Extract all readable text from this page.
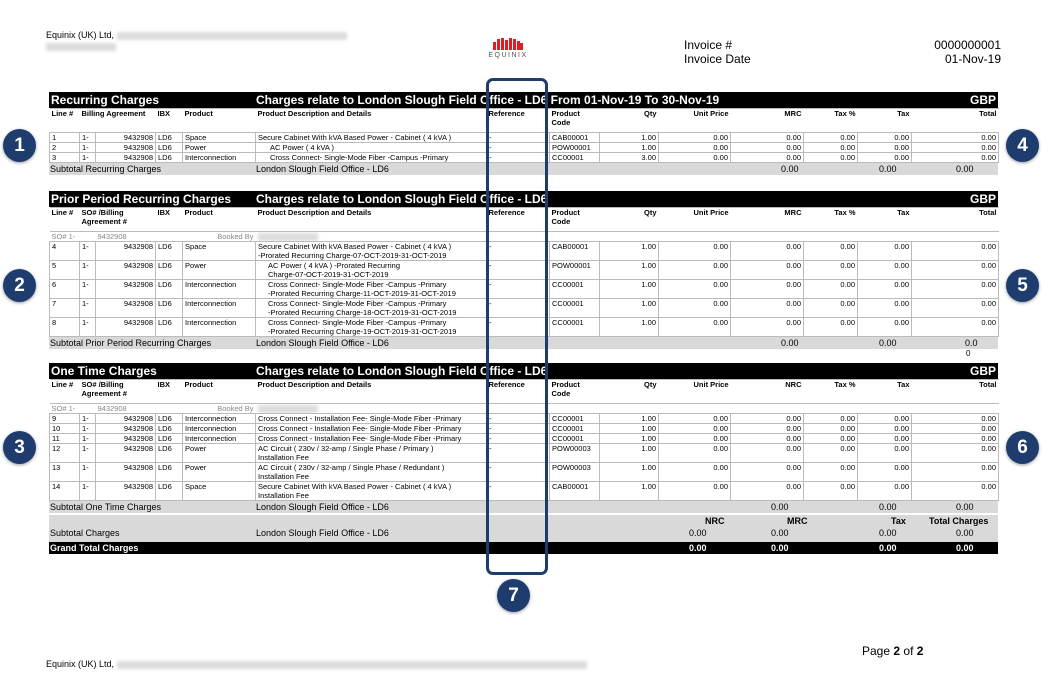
Equinix (UK) Ltd,

EQUINIX
Invoice #
Invoice Date
0000000001
01-Nov-19
Recurring Charges	Charges relate to London Slough Field Office - LD6 From 01-Nov-19 To 30-Nov-19	GBP
Line #	Billing Agreement		IBX	Product	Product Description and Details	Reference	Product Code	Qty	Unit Price	MRC	Tax %	Tax	Total
1	1-	9432908	LD6	Space	Secure Cabinet With kVA Based Power - Cabinet ( 4 kVA )	-	CAB00001	1.00	0.00	0.00	0.00	0.00	0.00
2	1-	9432908	LD6	Power	AC Power ( 4 kVA )	-	POW00001	1.00	0.00	0.00	0.00	0.00	0.00
3	1-	9432908	LD6	Interconnection	Cross Connect- Single-Mode Fiber -Campus -Primary	-	CC00001	3.00	0.00	0.00	0.00	0.00	0.00
Subtotal Recurring Charges	London Slough Field Office - LD6	0.00	0.00	0.00
Prior Period Recurring Charges Charges relate to London Slough Field Office - LD6	GBP
Line #	SO# /Billing Agreement #		IBX	Product	Product Description and Details	Reference	Product Code	Qty	Unit Price	MRC	Tax %	Tax	Total
SO# 1-		9432908	Booked By										
4	1-	9432908	LD6	Space	Secure Cabinet With kVA Based Power - Cabinet ( 4 kVA )
-Prorated Recurring Charge-07-OCT-2019-31-OCT-2019	-	CAB00001	1.00	0.00	0.00	0.00	0.00	0.00
5	1-	9432908	LD6	Power	AC Power ( 4 kVA ) -Prorated Recurring
Charge-07-OCT-2019-31-OCT-2019	-	POW00001	1.00	0.00	0.00	0.00	0.00	0.00
6	1-	9432908	LD6	Interconnection	Cross Connect- Single-Mode Fiber -Campus -Primary
-Prorated Recurring Charge-11-OCT-2019-31-OCT-2019	-	CC00001	1.00	0.00	0.00	0.00	0.00	0.00
7	1-	9432908	LD6	Interconnection	Cross Connect- Single-Mode Fiber -Campus -Primary
-Prorated Recurring Charge-18-OCT-2019-31-OCT-2019	-	CC00001	1.00	0.00	0.00	0.00	0.00	0.00
8	1-	9432908	LD6	Interconnection	Cross Connect- Single-Mode Fiber -Campus -Primary
-Prorated Recurring Charge-19-OCT-2019-31-OCT-2019	-	CC00001	1.00	0.00	0.00	0.00	0.00	0.00
Subtotal Prior Period Recurring Charges	London Slough Field Office - LD6	0.00	0.00	0.0
0
One Time Charges	Charges relate to London Slough Field Office - LD6	GBP
Line #	SO# /Billing Agreement #		IBX	Product	Product Description and Details	Reference	Product Code	Qty	Unit Price	NRC	Tax %	Tax	Total
SO# 1-		9432908	Booked By										
9	1-	9432908	LD6	Interconnection	Cross Connect - Installation Fee- Single-Mode Fiber -Primary	-	CC00001	1.00	0.00	0.00	0.00	0.00	0.00
10	1-	9432908	LD6	Interconnection	Cross Connect - Installation Fee- Single-Mode Fiber -Primary	-	CC00001	1.00	0.00	0.00	0.00	0.00	0.00
11	1-	9432908	LD6	Interconnection	Cross Connect - Installation Fee- Single-Mode Fiber -Primary	-	CC00001	1.00	0.00	0.00	0.00	0.00	0.00
12	1-	9432908	LD6	Power	AC Circuit ( 230v / 32-amp / Single Phase / Primary )
Installation Fee	-	POW00003	1.00	0.00	0.00	0.00	0.00	0.00
13	1-	9432908	LD6	Power	AC Circuit ( 230v / 32-amp / Single Phase / Redundant )
Installation Fee	-	POW00003	1.00	0.00	0.00	0.00	0.00	0.00
14	1-	9432908	LD6	Space	Secure Cabinet With kVA Based Power - Cabinet ( 4 kVA )
Installation Fee	-	CAB00001	1.00	0.00	0.00	0.00	0.00	0.00
Subtotal One Time Charges	London Slough Field Office - LD6	0.00	0.00	0.00
Subtotal Charges	London Slough Field Office - LD6
NRC	MRC	Tax	Total Charges
0.00	0.00	0.00	0.00
Grand Total Charges	0.00	0.00	0.00	0.00
1
2
3
4
5
6
7
Page 2 of 2
Equinix (UK) Ltd,
